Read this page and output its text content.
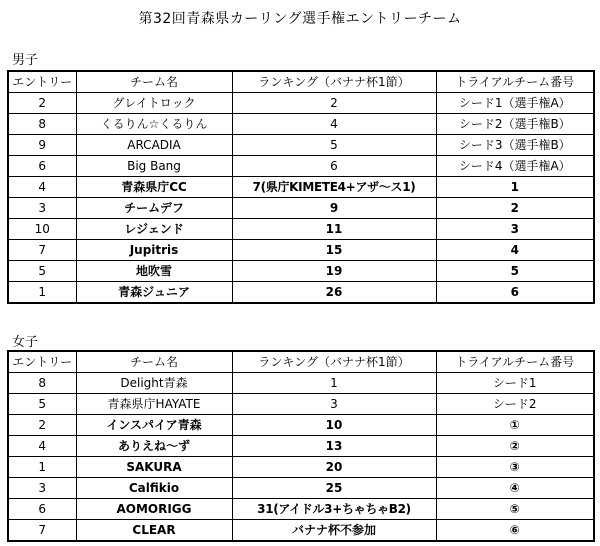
第32回青森県カーリング選手権エントリーチーム
男子
エントリー	チーム名	ランキング（バナナ杯1節）	トライアルチーム番号
2	グレイトロック	2	シード1（選手権A）
8	くるりん☆くるりん	4	シード2（選手権B）
9	ARCADIA	5	シード3（選手権B）
6	Big Bang	6	シード4（選手権A）
4	青森県庁CC	7(県庁KIMETE4+アザ～ス1)	1
3	チームデフ	9	2
10	レジェンド	11	3
7	Jupitris	15	4
5	地吹雪	19	5
1	青森ジュニア	26	6
女子
エントリー	チーム名	ランキング（バナナ杯1節）	トライアルチーム番号
8	Delight青森	1	シード1
5	青森県庁HAYATE	3	シード2
2	インスパイア青森	10	①
4	ありえね～ず	13	②
1	SAKURA	20	③
3	Calfikio	25	④
6	AOMORIGG	31(アイドル3+ちゃちゃB2)	⑤
7	CLEAR	バナナ杯不参加	⑥
